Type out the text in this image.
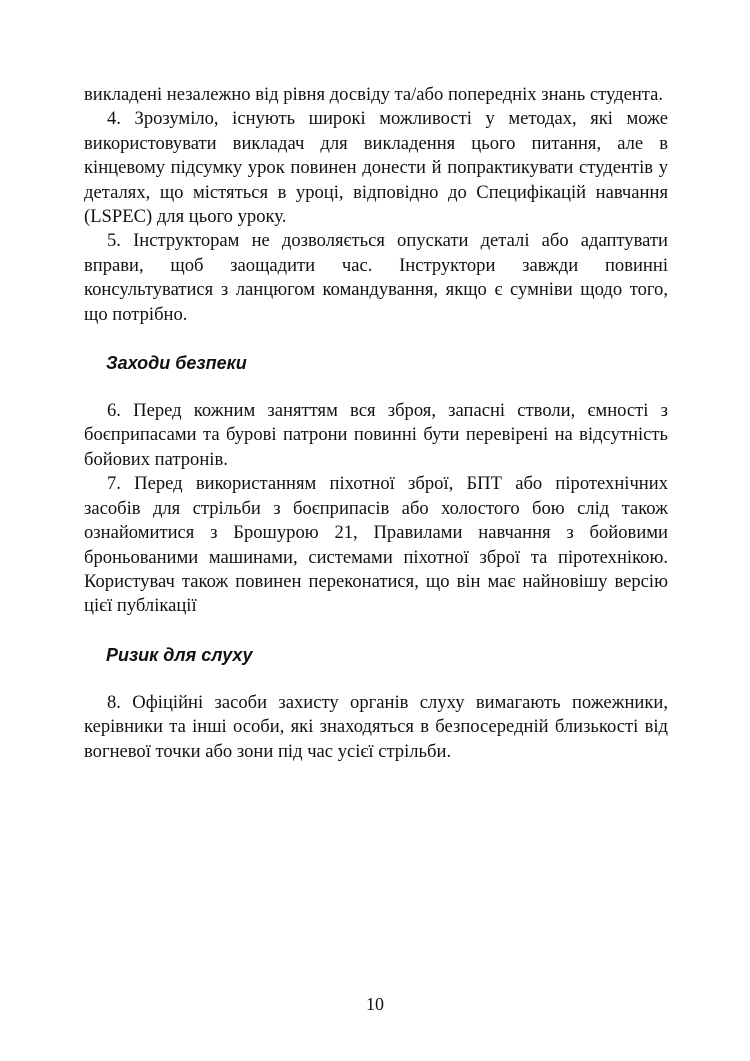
викладені незалежно від рівня досвіду та/або попередніх знань студента.

4. Зрозуміло, існують широкі можливості у методах, які може використовувати викладач для викладення цього питання, але в кінцевому підсумку урок повинен донести й попрактикувати студентів у деталях, що містяться в уроці, відповідно до Специфікацій навчання (LSPEC) для цього уроку.

5. Інструкторам не дозволяється опускати деталі або адаптувати вправи, щоб заощадити час. Інструктори завжди повинні консультуватися з ланцюгом командування, якщо є сумніви щодо того, що потрібно.

Заходи безпеки

6. Перед кожним заняттям вся зброя, запасні стволи, ємності з боєприпасами та бурові патрони повинні бути перевірені на відсутність бойових патронів.

7. Перед використанням піхотної зброї, БПТ або піротехнічних засобів для стрільби з боєприпасів або холостого бою слід також ознайомитися з Брошурою 21, Правилами навчання з бойовими броньованими машинами, системами піхотної зброї та піротехнікою. Користувач також повинен переконатися, що він має найновішу версію цієї публікації

Ризик для слуху

8. Офіційні засоби захисту органів слуху вимагають пожежники, керівники та інші особи, які знаходяться в безпосередній близькості від вогневої точки або зони під час усієї стрільби.

10
